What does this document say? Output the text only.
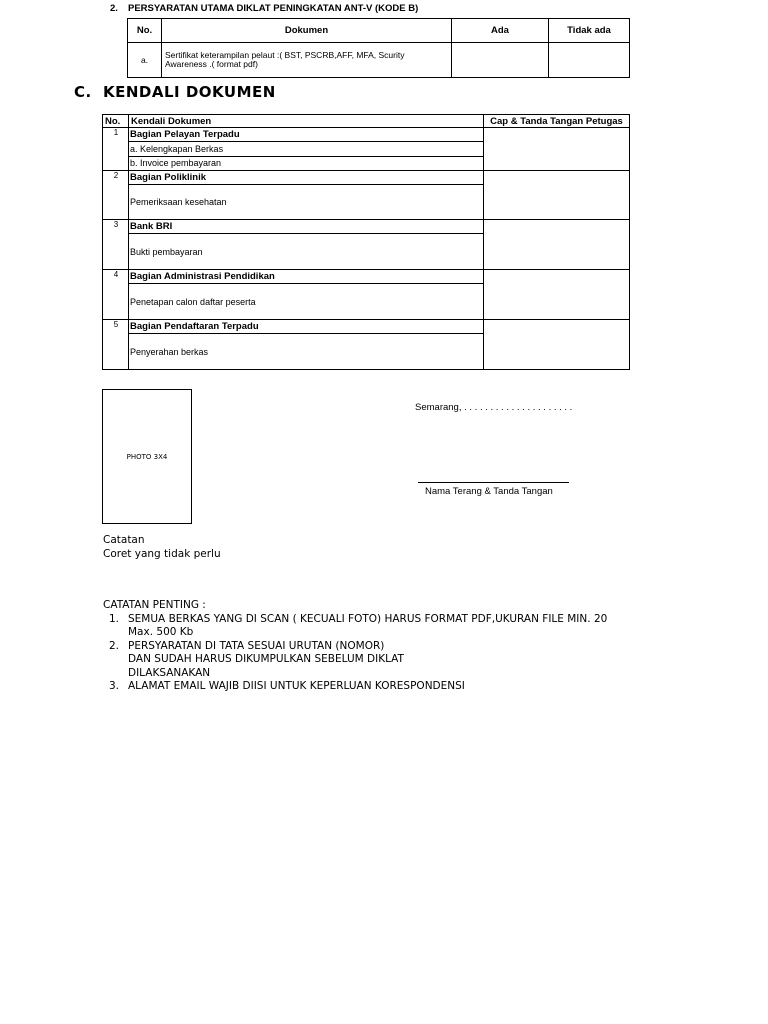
2. PERSYARATAN UTAMA DIKLAT PENINGKATAN ANT-V (KODE B)
No.	Dokumen	Ada	Tidak ada
a.	Sertifikat keterampilan pelaut :( BST, PSCRB,AFF, MFA, Scurity Awareness .( format pdf)		
C. KENDALI DOKUMEN
No.	Kendali Dokumen	Cap & Tanda Tangan Petugas
1	Bagian Pelayan Terpadu	
	a. Kelengkapan Berkas	
	b. Invoice pembayaran	
2	Bagian Poliklinik	
	Pemeriksaan kesehatan	
3	Bank BRI	
	Bukti pembayaran	
4	Bagian Administrasi Pendidikan	
	Penetapan calon daftar peserta	
5	Bagian Pendaftaran Terpadu	
	Penyerahan berkas	
PHOTO 3X4
Semarang, . . . . . . . . . . . . . . . . . . . . .
Nama Terang & Tanda Tangan
Catatan
Coret yang tidak perlu
CATATAN PENTING :
1. SEMUA BERKAS YANG DI SCAN ( KECUALI FOTO) HARUS FORMAT PDF,UKURAN FILE MIN. 20
Max. 500 Kb
2. PERSYARATAN DI TATA SESUAI URUTAN (NOMOR)
DAN SUDAH HARUS DIKUMPULKAN SEBELUM DIKLAT
DILAKSANAKAN
3. ALAMAT EMAIL WAJIB DIISI UNTUK KEPERLUAN KORESPONDENSI
